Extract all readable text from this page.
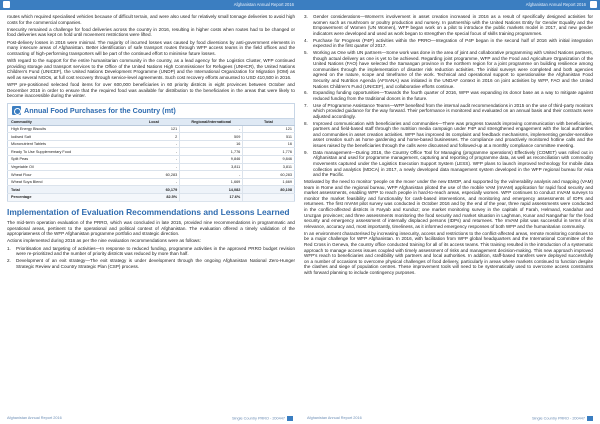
Afghanistan Annual Report 2016

routes which required specialised vehicles because of difficult terrain, and were also used for relatively small tonnage deliveries to avoid high costs for the commercial companies.

Insecurity remained a challenge for food deliveries across the country in 2016, resulting in higher costs when routes had to be changed or food deliveries was kept on hold until movement restrictions were lifted.

Post-delivery losses in 2016 were minimal. The majority of incurred losses was caused by food diversions by anti-government elements in many insecure areas of Afghanistan. Better identification of safe transport routes through WFP access teams in the field offices and the contracting of high-performing transporters will be part of the continued effort to minimise future losses.

With regard to the support for the entire humanitarian community in the country, as a lead agency for the Logistics Cluster, WFP continued providing storage and transport services to the Office of the United Nations High Commissioner for Refugees (UNHCR), the United Nations Children's Fund (UNICEF), the United Nations Development Programme (UNDP) and the International Organization for Migration (IOM) as well as several NGOs, at full cost recovery through service-level agreements. Such cost recovery efforts amounted to USD 410,500 in 2016.

WFP pre-positioned selected food items for over 600,000 beneficiaries in 60 priority districts in eight provinces between October and December 2016 in order to ensure that the required food was available for distribution to the beneficiaries in the areas that were likely to become inaccessible during the winter.

Annual Food Purchases for the Country (mt)
Commodity	Local	Regional/International	Total
High Energy Biscuits	121	-	121
Iodised Salt	2	509	511
Micronutrient Tablets	-	16	16
Ready To Use Supplementary Food	-	1,776	1,776
Split Peas	-	9,846	9,846
Vegetable Oil	-	3,811	3,811
Wheat Flour	60,283	-	60,283
Wheat Soya Blend	-	1,669	1,669
Total	60,179	14,082	80,108
Percentage	82.5%	17.6%	
Implementation of Evaluation Recommendations and Lessons Learned

The mid-term operation evaluation of the PRRO, which was concluded in late 2015, provided nine recommendations in programmatic and operational areas, pertinent to the operational and political context of Afghanistan. The evaluation offered a timely validation of the appropriateness of the WFP Afghanistan programme portfolio and strategic direction.

Actions implemented during 2016 as per the nine evaluation recommendations were as follows:

1.	Prioritisation and targeting of activities—In response to reduced funding, programme activities in the approved PRRO budget revision were re-prioritized and the number of priority districts was reduced by more than half.
2.	Development of an exit strategy—The exit strategy is under development through the ongoing Afghanistan National Zero-Hunger Strategic Review and Country Strategic Plan (CSP) process.
Afghanistan Annual Report 2016	Single Country PRRO - 200447
Afghanistan Annual Report 2016
3.	Gender considerations—Women's involvement in asset creation increased in 2016 as a result of specifically designed activities for women such as mushroom or poultry production and nursery. In partnership with the United Nations Entity for Gender Equality and the Empowerment of Women (UN Women), WFP began work on a pilot to introduce the public markets model in 2017, and new gender indicators were developed and used as work began to strengthen the special focus of skills training programmes.
4.	Purchase for Progress (P4P) activities within the PRRO—Integration of P4P began in the second half of 2016 with initial integration expected in the first quarter of 2017.
5.	Working as One with UN partners—Some work was done in the area of joint and collaborative programming with United Nations partners, though actual delivery as one is yet to be achieved. Regarding joint programme, WFP and the Food and Agriculture Organization of the United Nations (FAO) have selected the Samangan province in the northern region for a joint programme on building resilience among communities through the implementation of disaster risk reduction activities. The initial surveys were completed and both agencies agreed on the nature, scope and timeframe of the work. Technical and operational support to operationalise the Afghanistan Food Security and Nutrition Agenda (AFSANA) was initiated in the UNDAF context in 2016 on joint activities by WFP, FAO and the United Nations Children's Fund (UNICEF), and collaborative efforts continue.
6.	Expanding funding opportunities—Towards the fourth quarter of 2016, WFP was expanding its donor base as a way to mitigate against reduced funding from the traditional donors in the future.
7.	Use of Programme Assistance Teams—WFP benefited from the internal audit recommendations in 2015 on the use of third-party monitors which provided guidance for the way forward. Their performance is monitored and evaluated on an annual basis and their contracts were adjusted accordingly.
8.	Improved communication with beneficiaries and communities—There was progress towards improving communication with beneficiaries, partners and field-based staff through the nutrition media campaign under P4P and strengthened engagement with the local authorities and communities in asset creation activities. WFP has improved its complaint and feedback mechanisms, implementing gender-sensitive asset creation such as home gardening and home-based businesses. The compliance and proactively monitored hotline calls and the issues raised by the beneficiaries through the calls were discussed and followed-up at a monthly compliance committee meeting.
9.	Data management—During 2016, the Country Office Tool for Managing (programme operations) Effectively (COMET) was rolled out in Afghanistan and used for programme management, capturing and reporting of programme data, as well as reconciliation with commodity movements captured under the Logistics Execution Support System (LESS). WFP plans to launch improved technology for mobile data collection and analytics (MDCA) in 2017, a newly developed data management system developed in the WFP regional bureau for Asia and the Pacific.

Motivated by the need to monitor 'people on the move' under the new EMOP, and supported by the vulnerability analysis and mapping (VAM) team in Rome and the regional bureau, WFP Afghanistan piloted the use of the mobile VAM (mVAM) application for rapid food security and market assessments, enabling WFP to reach people in hard-to-reach areas, especially women. WFP continues to conduct mVAM surveys to monitor the market feasibility and functionality for cash-based interventions, and monitoring and emergency assessments of IDPs and returnees. The first mVAM pilot survey was conducted in October 2016 and by the end of the year, three rapid assessments were conducted in the conflict-affected districts in Faryab and Kunduz; one market monitoring survey in the capitals of Farah, Helmand, Kandahar and Uruzgan provinces; and three assessments monitoring the food security and market situation in Laghman, Kunar and Nangarhar for the food security and emergency assessment of internally displaced persons (IDPs) and returnees. The mVAM pilot was successful in terms of its relevance, accuracy and, most importantly, timeliness, as it informed emergency responses of both WFP and the humanitarian community.

In an environment characterised by increasing insecurity, access and restrictions to the conflict-affected areas, remote monitoring continues to be a major challenge for WFP Afghanistan. In 2016, with facilitation from WFP global headquarters and the International Committee of the Red Cross in Geneva, the country office conducted training for all of its access teams. This training resulted in the introduction of a systematic approach to manage access issues coupled with timely assessment of risks and management decision-making. This new approach improved WFP's reach to beneficiaries and credibility with partners and local authorities. In addition, staff-based transfers were deployed successfully on a number of occasions to overcome physical challenges of food delivery, particularly in areas where markets continued to function despite the clashes and siege of population centres. These improvement tools will need to be systematically used to overcome access constraints with forward planning to include contingency purposes.

Afghanistan Annual Report 2016	Single Country PRRO - 200447
